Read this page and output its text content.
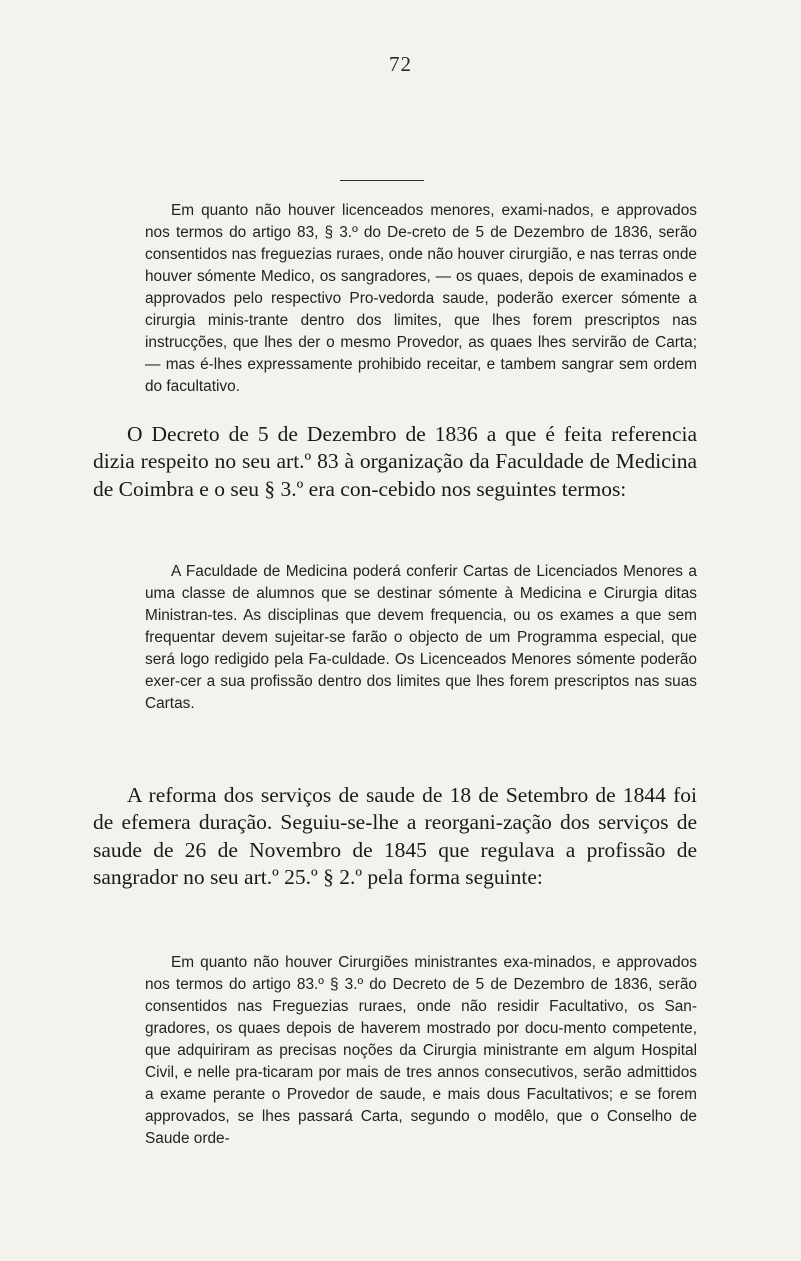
72

Em quanto não houver licenceados menores, exami-nados, e approvados nos termos do artigo 83, § 3.º do De-creto de 5 de Dezembro de 1836, serão consentidos nas freguezias ruraes, onde não houver cirurgião, e nas terras onde houver sómente Medico, os sangradores, — os quaes, depois de examinados e approvados pelo respectivo Pro-vedorda saude, poderão exercer sómente a cirurgia minis-trante dentro dos limites, que lhes forem prescriptos nas instrucções, que lhes der o mesmo Provedor, as quaes lhes servirão de Carta; — mas é-lhes expressamente prohibido receitar, e tambem sangrar sem ordem do facultativo.

O Decreto de 5 de Dezembro de 1836 a que é feita referencia dizia respeito no seu art.º 83 à organização da Faculdade de Medicina de Coimbra e o seu § 3.º era con-cebido nos seguintes termos:

A Faculdade de Medicina poderá conferir Cartas de Licenciados Menores a uma classe de alumnos que se destinar sómente à Medicina e Cirurgia ditas Ministran-tes. As disciplinas que devem frequencia, ou os exames a que sem frequentar devem sujeitar-se farão o objecto de um Programma especial, que será logo redigido pela Fa-culdade. Os Licenceados Menores sómente poderão exer-cer a sua profissão dentro dos limites que lhes forem prescriptos nas suas Cartas.

A reforma dos serviços de saude de 18 de Setembro de 1844 foi de efemera duração. Seguiu-se-lhe a reorgani-zação dos serviços de saude de 26 de Novembro de 1845 que regulava a profissão de sangrador no seu art.º 25.º § 2.º pela forma seguinte:

Em quanto não houver Cirurgiões ministrantes exa-minados, e approvados nos termos do artigo 83.º § 3.º do Decreto de 5 de Dezembro de 1836, serão consentidos nas Freguezias ruraes, onde não residir Facultativo, os San-gradores, os quaes depois de haverem mostrado por docu-mento competente, que adquiriram as precisas noções da Cirurgia ministrante em algum Hospital Civil, e nelle pra-ticaram por mais de tres annos consecutivos, serão admittidos a exame perante o Provedor de saude, e mais dous Facultativos; e se forem approvados, se lhes passará Carta, segundo o modêlo, que o Conselho de Saude orde-
